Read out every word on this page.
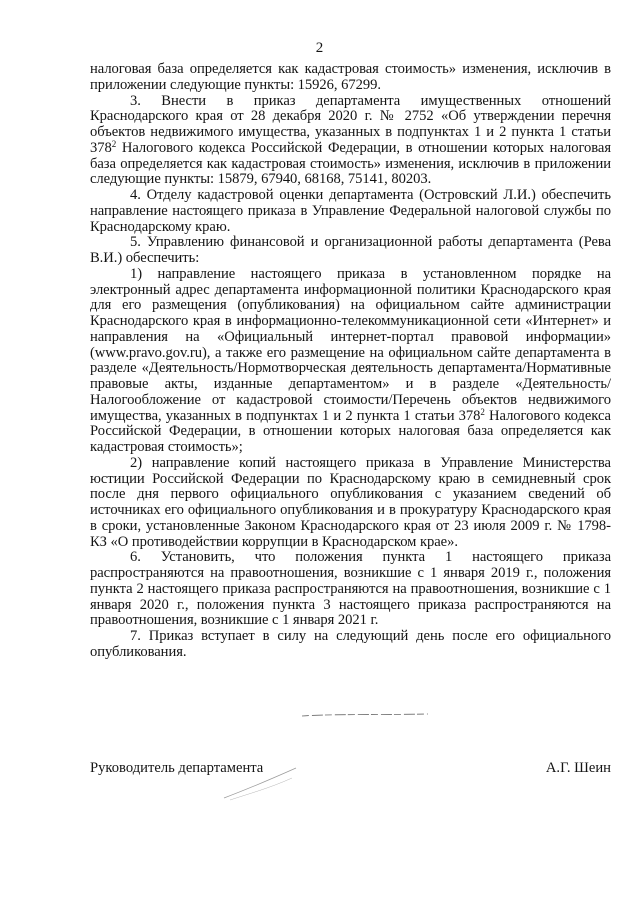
2

налоговая база определяется как кадастровая стоимость» изменения, исключив в приложении следующие пункты: 15926, 67299.

3. Внести в приказ департамента имущественных отношений Краснодарского края от 28 декабря 2020 г. № 2752 «Об утверждении перечня объектов недвижимого имущества, указанных в подпунктах 1 и 2 пункта 1 статьи $378^2$ Налогового кодекса Российской Федерации, в отношении которых налоговая база определяется как кадастровая стоимость» изменения, исключив в приложении следующие пункты: 15879, 67940, 68168, 75141, 80203.

4. Отделу кадастровой оценки департамента (Островский Л.И.) обеспечить направление настоящего приказа в Управление Федеральной налоговой службы по Краснодарскому краю.

5. Управлению финансовой и организационной работы департамента (Рева В.И.) обеспечить:

1) направление настоящего приказа в установленном порядке на электронный адрес департамента информационной политики Краснодарского края для его размещения (опубликования) на официальном сайте администрации Краснодарского края в информационно-телекоммуникационной сети «Интернет» и направления на «Официальный интернет-портал правовой информации» (www.pravo.gov.ru), а также его размещение на официальном сайте департамента в разделе «Деятельность/Нормотворческая деятельность департамента/Нормативные правовые акты, изданные департаментом» и в разделе «Деятельность/Налогообложение от кадастровой стоимости/Перечень объектов недвижимого имущества, указанных в подпунктах 1 и 2 пункта 1 статьи $378^2$ Налогового кодекса Российской Федерации, в отношении которых налоговая база определяется как кадастровая стоимость»;

2) направление копий настоящего приказа в Управление Министерства юстиции Российской Федерации по Краснодарскому краю в семидневный срок после дня первого официального опубликования с указанием сведений об источниках его официального опубликования и в прокуратуру Краснодарского края в сроки, установленные Законом Краснодарского края от 23 июля 2009 г. № 1798-КЗ «О противодействии коррупции в Краснодарском крае».

6. Установить, что положения пункта 1 настоящего приказа распространяются на правоотношения, возникшие с 1 января 2019 г., положения пункта 2 настоящего приказа распространяются на правоотношения, возникшие с 1 января 2020 г., положения пункта 3 настоящего приказа распространяются на правоотношения, возникшие с 1 января 2021 г.

7. Приказ вступает в силу на следующий день после его официального опубликования.

Руководитель департамента	А.Г. Шеин
